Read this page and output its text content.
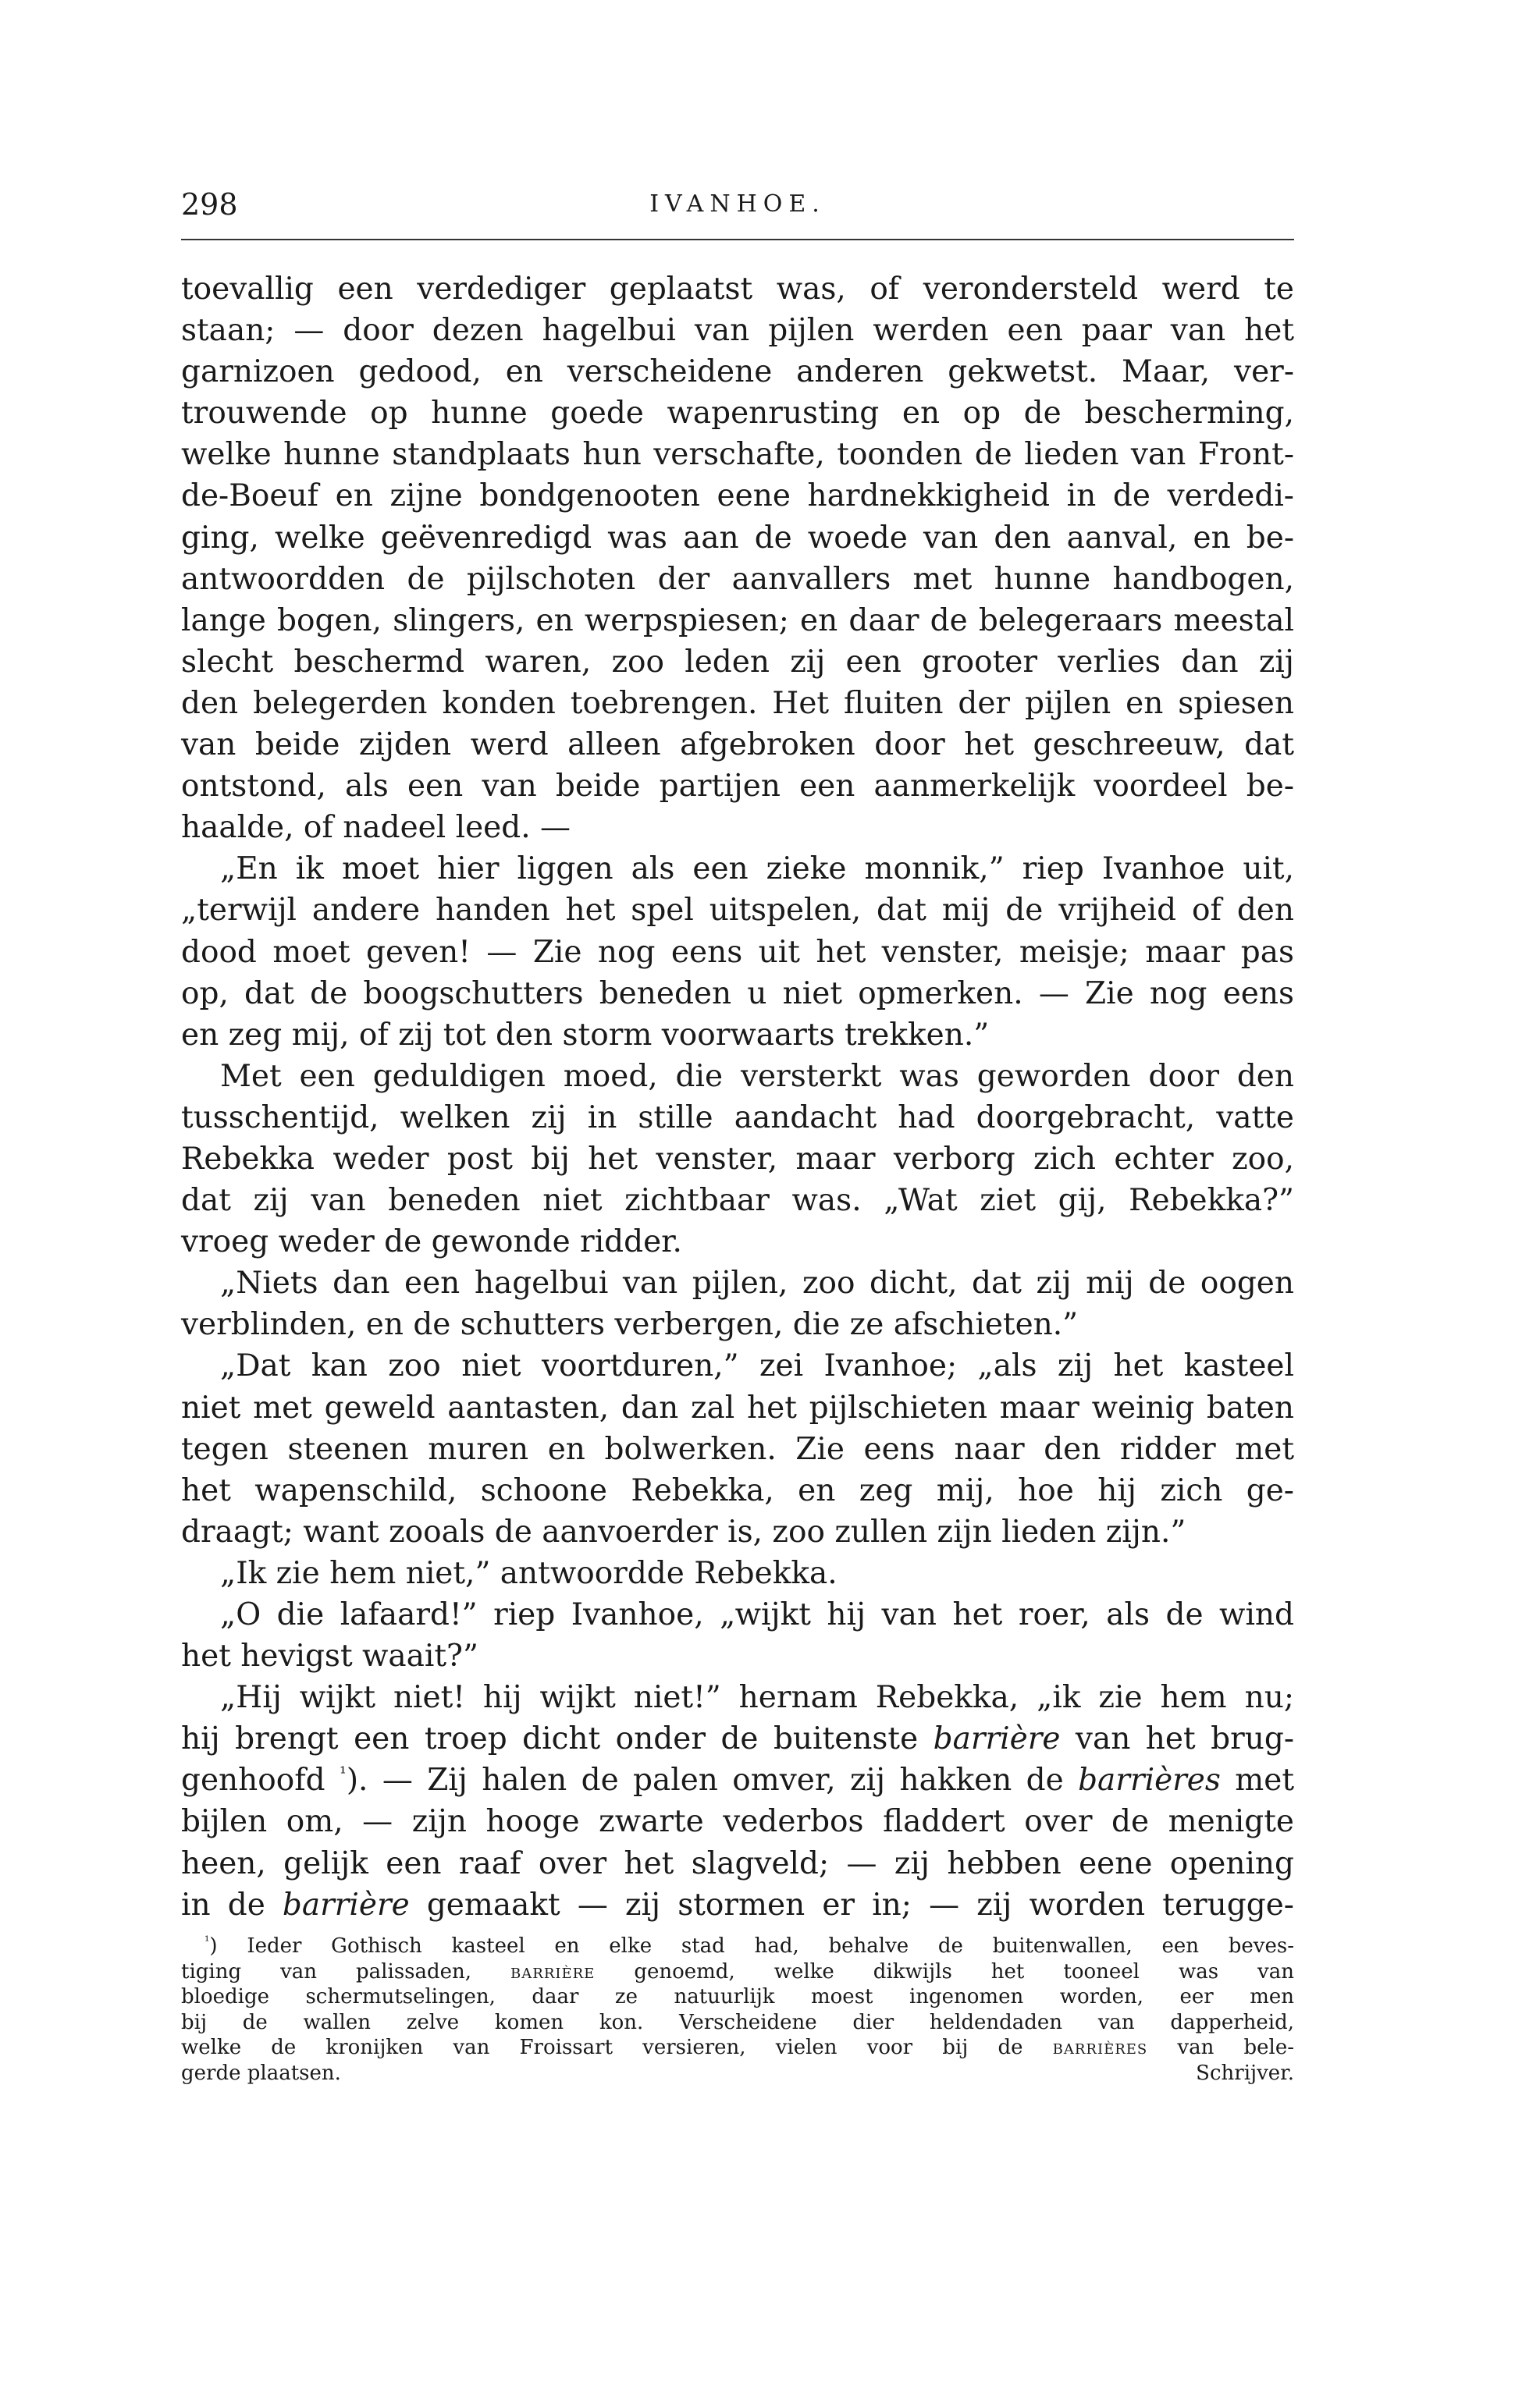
298	IVANHOE.
toevallig een verdediger geplaatst was, of verondersteld werd te
staan; — door dezen hagelbui van pijlen werden een paar van het
garnizoen gedood, en verscheidene anderen gekwetst. Maar, ver-
trouwende op hunne goede wapenrusting en op de bescherming,
welke hunne standplaats hun verschafte, toonden de lieden van Front-
de-Boeuf en zijne bondgenooten eene hardnekkigheid in de verdedi-
ging, welke geëvenredigd was aan de woede van den aanval, en be-
antwoordden de pijlschoten der aanvallers met hunne handbogen,
lange bogen, slingers, en werpspiesen; en daar de belegeraars meestal
slecht beschermd waren, zoo leden zij een grooter verlies dan zij
den belegerden konden toebrengen. Het fluiten der pijlen en spiesen
van beide zijden werd alleen afgebroken door het geschreeuw, dat
ontstond, als een van beide partijen een aanmerkelijk voordeel be-
haalde, of nadeel leed. —
„En ik moet hier liggen als een zieke monnik,” riep Ivanhoe uit,
„terwijl andere handen het spel uitspelen, dat mij de vrijheid of den
dood moet geven! — Zie nog eens uit het venster, meisje; maar pas
op, dat de boogschutters beneden u niet opmerken. — Zie nog eens
en zeg mij, of zij tot den storm voorwaarts trekken.”
Met een geduldigen moed, die versterkt was geworden door den
tusschentijd, welken zij in stille aandacht had doorgebracht, vatte
Rebekka weder post bij het venster, maar verborg zich echter zoo,
dat zij van beneden niet zichtbaar was. „Wat ziet gij, Rebekka?”
vroeg weder de gewonde ridder.
„Niets dan een hagelbui van pijlen, zoo dicht, dat zij mij de oogen
verblinden, en de schutters verbergen, die ze afschieten.”
„Dat kan zoo niet voortduren,” zei Ivanhoe; „als zij het kasteel
niet met geweld aantasten, dan zal het pijlschieten maar weinig baten
tegen steenen muren en bolwerken. Zie eens naar den ridder met
het wapenschild, schoone Rebekka, en zeg mij, hoe hij zich ge-
draagt; want zooals de aanvoerder is, zoo zullen zijn lieden zijn.”
„Ik zie hem niet,” antwoordde Rebekka.
„O die lafaard!” riep Ivanhoe, „wijkt hij van het roer, als de wind
het hevigst waait?”
„Hij wijkt niet! hij wijkt niet!” hernam Rebekka, „ik zie hem nu;
hij brengt een troep dicht onder de buitenste barrière van het brug-
genhoofd $^{^1}$). — Zij halen de palen omver, zij hakken de barrières met
bijlen om, — zijn hooge zwarte vederbos fladdert over de menigte
heen, gelijk een raaf over het slagveld; — zij hebben eene opening
in de barrière gemaakt — zij stormen er in; — zij worden terugge-
$^{^1}$) Ieder Gothisch kasteel en elke stad had, behalve de buitenwallen, een beves-
tiging van palissaden, barrière genoemd, welke dikwijls het tooneel was van
bloedige schermutselingen, daar ze natuurlijk moest ingenomen worden, eer men
bij de wallen zelve komen kon. Verscheidene dier heldendaden van dapperheid,
welke de kronijken van Froissart versieren, vielen voor bij de barrières van bele-
gerde plaatsen.	Schrijver.
